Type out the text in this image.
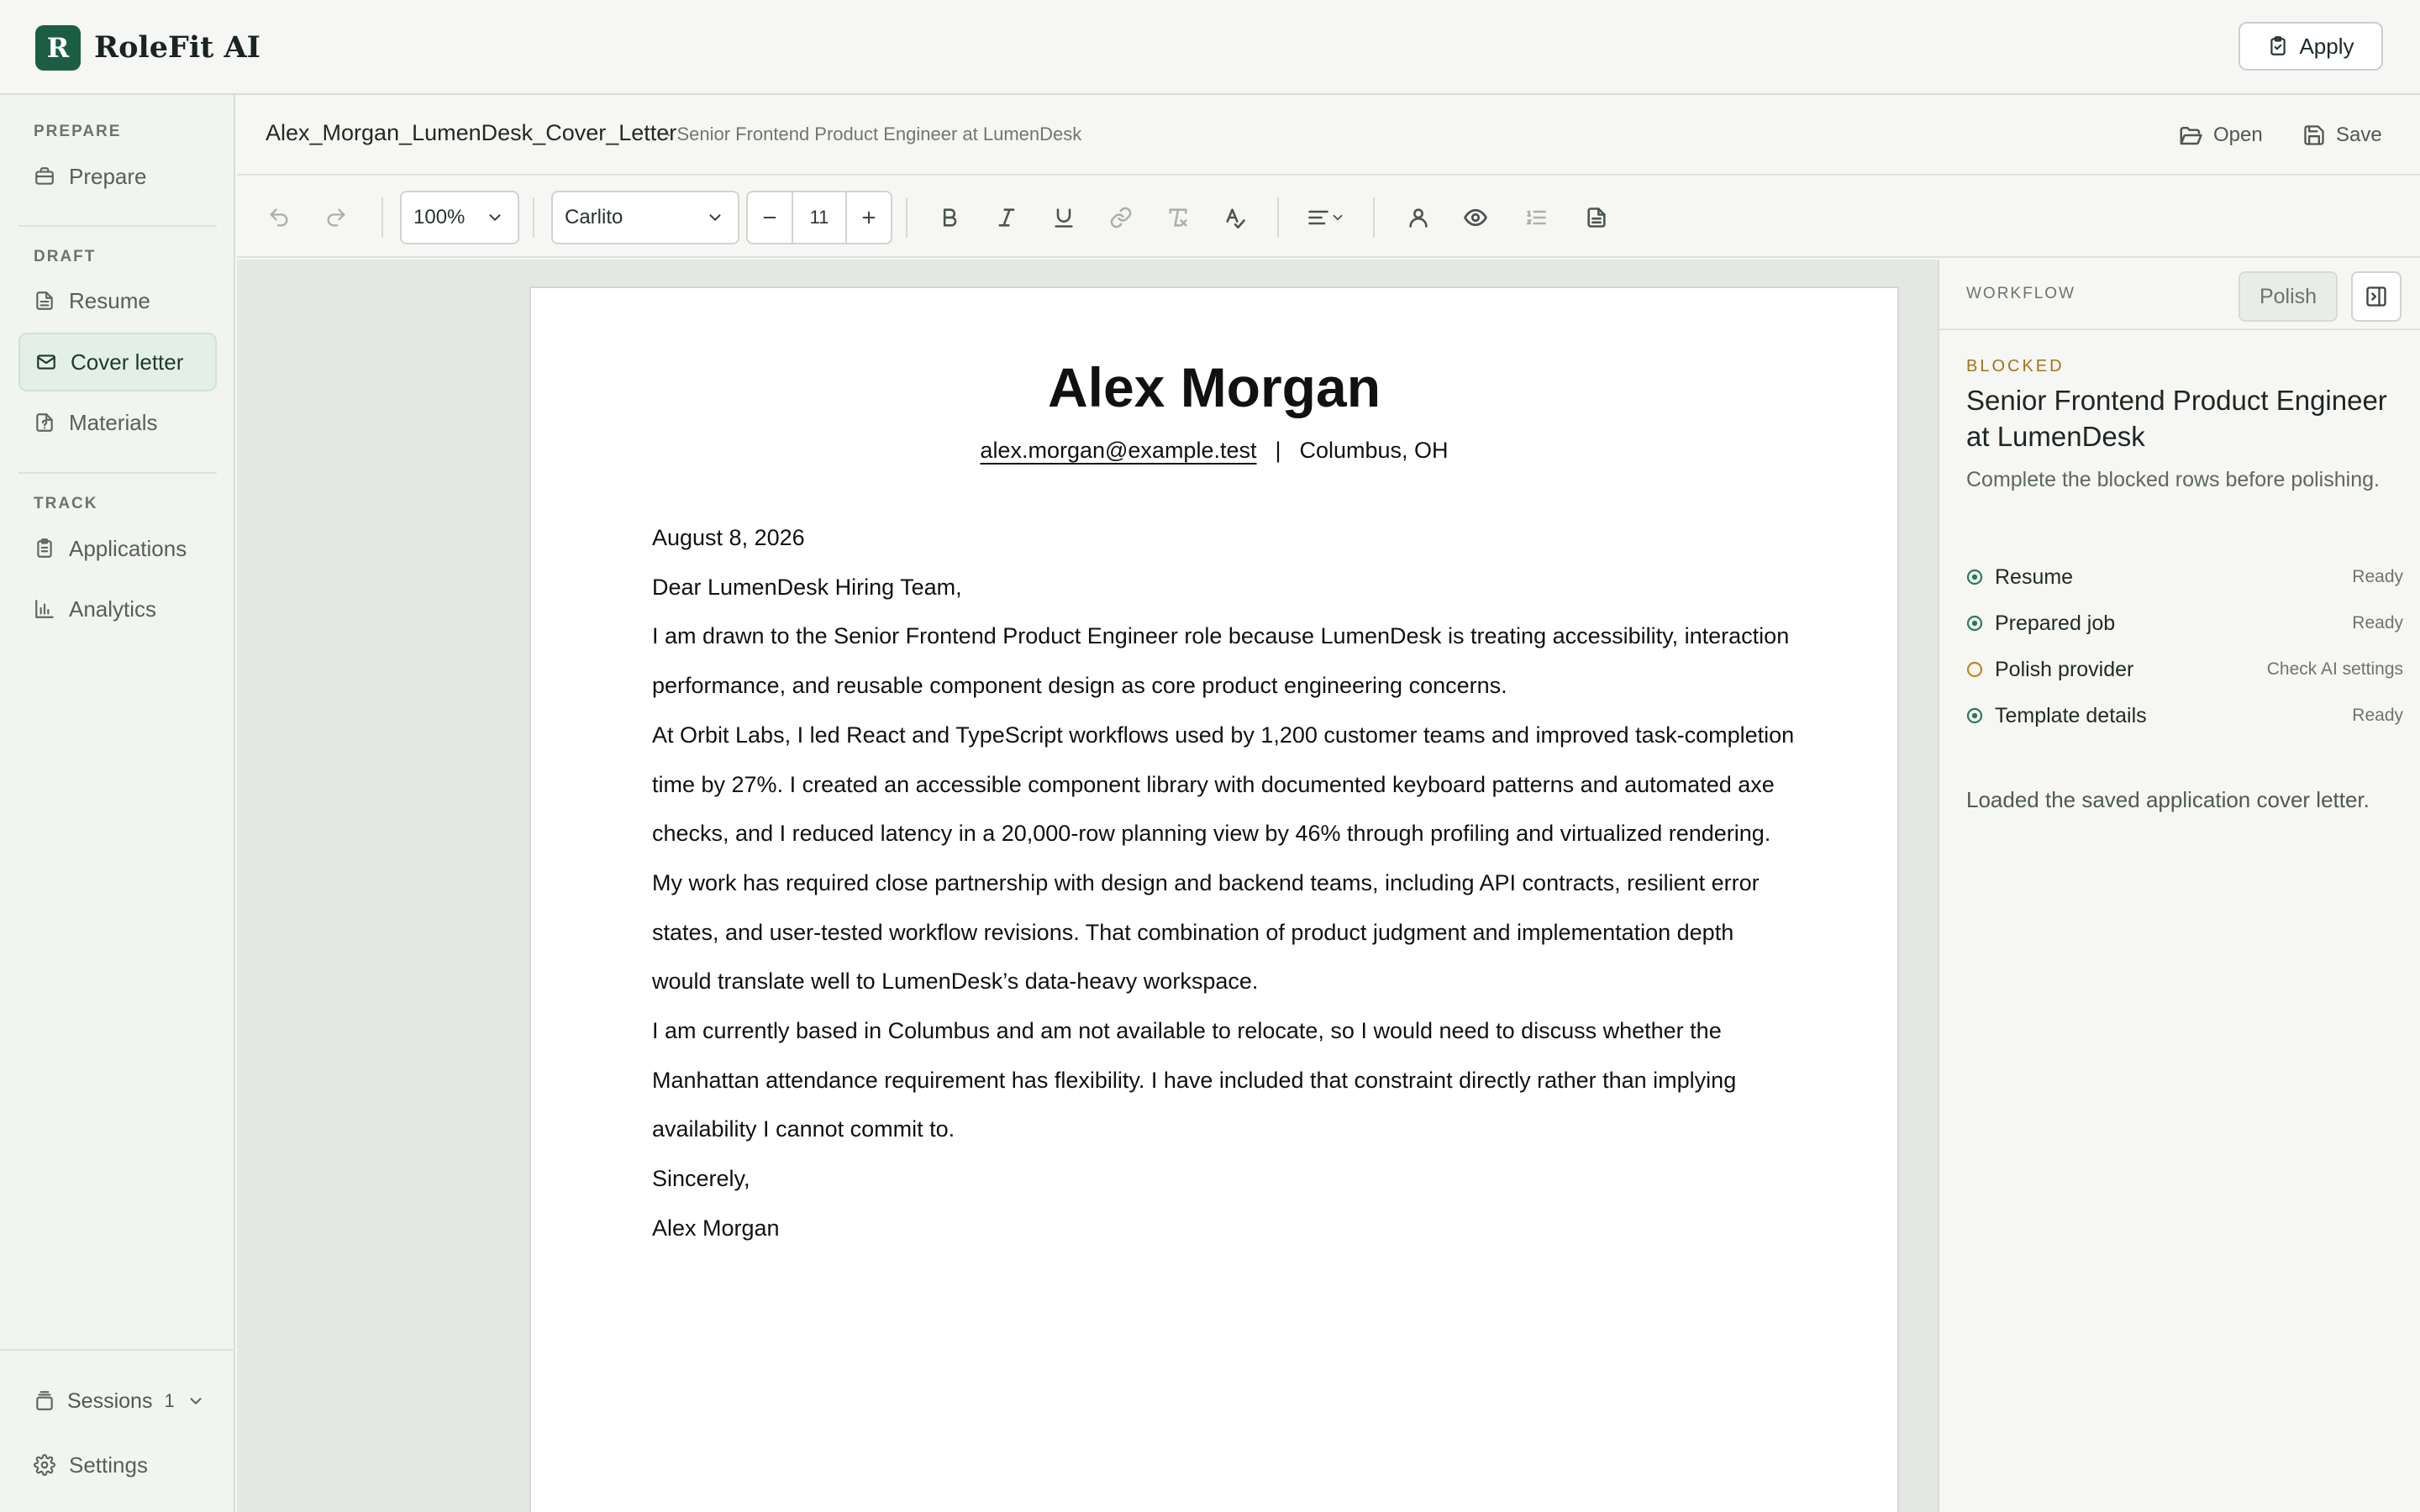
R RoleFit AI	Apply
PREPARE
Prepare
DRAFT
Resume
Cover letter
Materials
TRACK
Applications
Analytics
Sessions 1
Settings
Alex_Morgan_LumenDesk_Cover_Letter
· Senior Frontend Product Engineer at LumenDesk	Open	Save
100%	Carlito	11
Alex Morgan
alex.morgan@example.test | Columbus, OH

August 8, 2026

Dear LumenDesk Hiring Team,

I am drawn to the Senior Frontend Product Engineer role because LumenDesk is treating accessibility, interaction performance, and reusable component design as core product engineering concerns.

At Orbit Labs, I led React and TypeScript workflows used by 1,200 customer teams and improved task-completion time by 27%. I created an accessible component library with documented keyboard patterns and automated axe checks, and I reduced latency in a 20,000-row planning view by 46% through profiling and virtualized rendering.

My work has required close partnership with design and backend teams, including API contracts, resilient error states, and user-tested workflow revisions. That combination of product judgment and implementation depth would translate well to LumenDesk’s data-heavy workspace.

I am currently based in Columbus and am not available to relocate, so I would need to discuss whether the Manhattan attendance requirement has flexibility. I have included that constraint directly rather than implying availability I cannot commit to.

Sincerely,

Alex Morgan

WORKFLOW	Polish
BLOCKED
Senior Frontend Product Engineer at LumenDesk
Complete the blocked rows before polishing.
Resume	Ready
Prepared job	Ready
Polish provider	Check AI settings
Template details	Ready
Loaded the saved application cover letter.
